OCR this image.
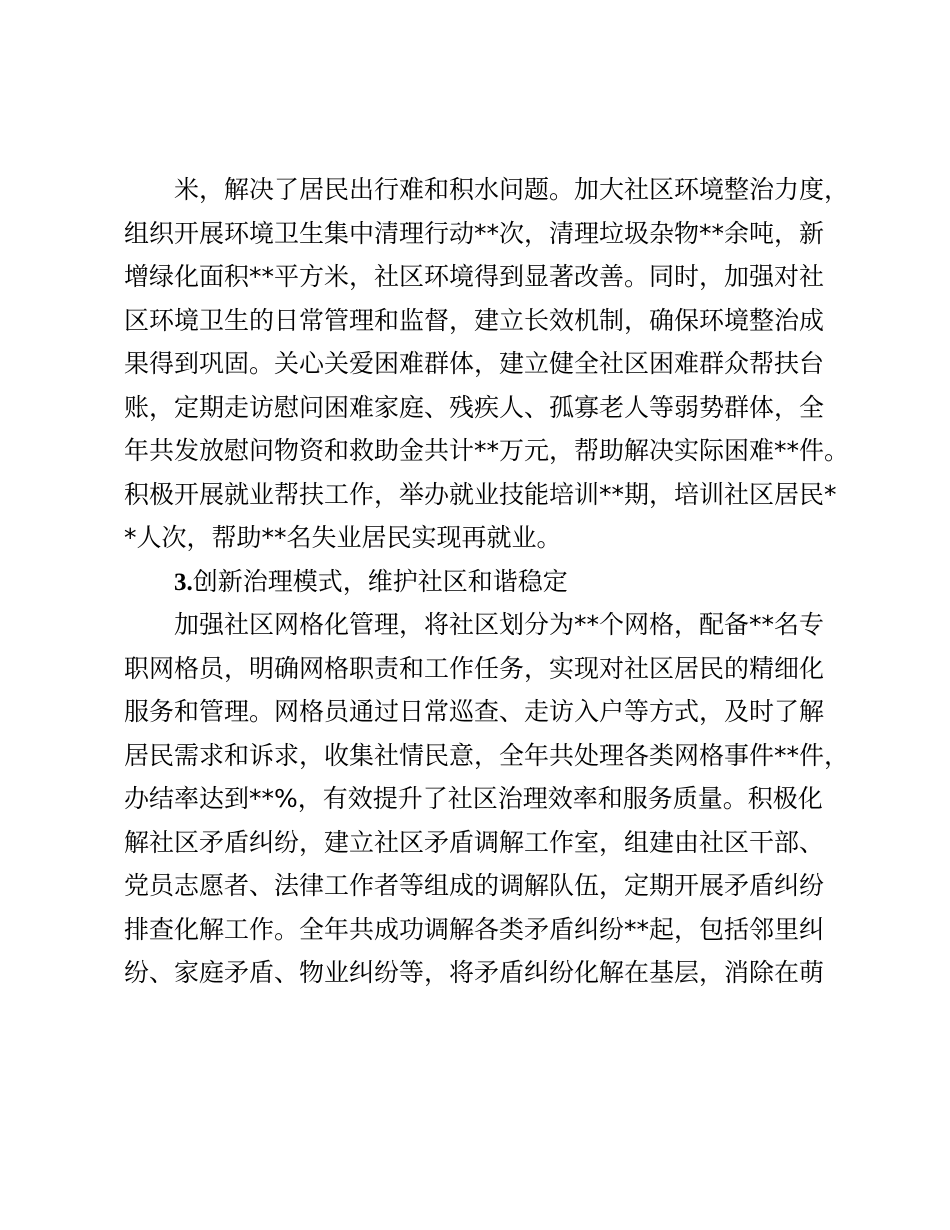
米，解决了居民出行难和积水问题。加大社区环境整治力度，
组织开展环境卫生集中清理行动**次，清理垃圾杂物**余吨，新
增绿化面积**平方米，社区环境得到显著改善。同时，加强对社
区环境卫生的日常管理和监督，建立长效机制，确保环境整治成
果得到巩固。关心关爱困难群体，建立健全社区困难群众帮扶台
账，定期走访慰问困难家庭、残疾人、孤寡老人等弱势群体，全
年共发放慰问物资和救助金共计**万元，帮助解决实际困难**件。
积极开展就业帮扶工作，举办就业技能培训**期，培训社区居民*
*人次，帮助**名失业居民实现再就业。
3.创新治理模式，维护社区和谐稳定
加强社区网格化管理，将社区划分为**个网格，配备**名专
职网格员，明确网格职责和工作任务，实现对社区居民的精细化
服务和管理。网格员通过日常巡查、走访入户等方式，及时了解
居民需求和诉求，收集社情民意，全年共处理各类网格事件**件，
办结率达到**%，有效提升了社区治理效率和服务质量。积极化
解社区矛盾纠纷，建立社区矛盾调解工作室，组建由社区干部、
党员志愿者、法律工作者等组成的调解队伍，定期开展矛盾纠纷
排查化解工作。全年共成功调解各类矛盾纠纷**起，包括邻里纠
纷、家庭矛盾、物业纠纷等，将矛盾纠纷化解在基层，消除在萌
